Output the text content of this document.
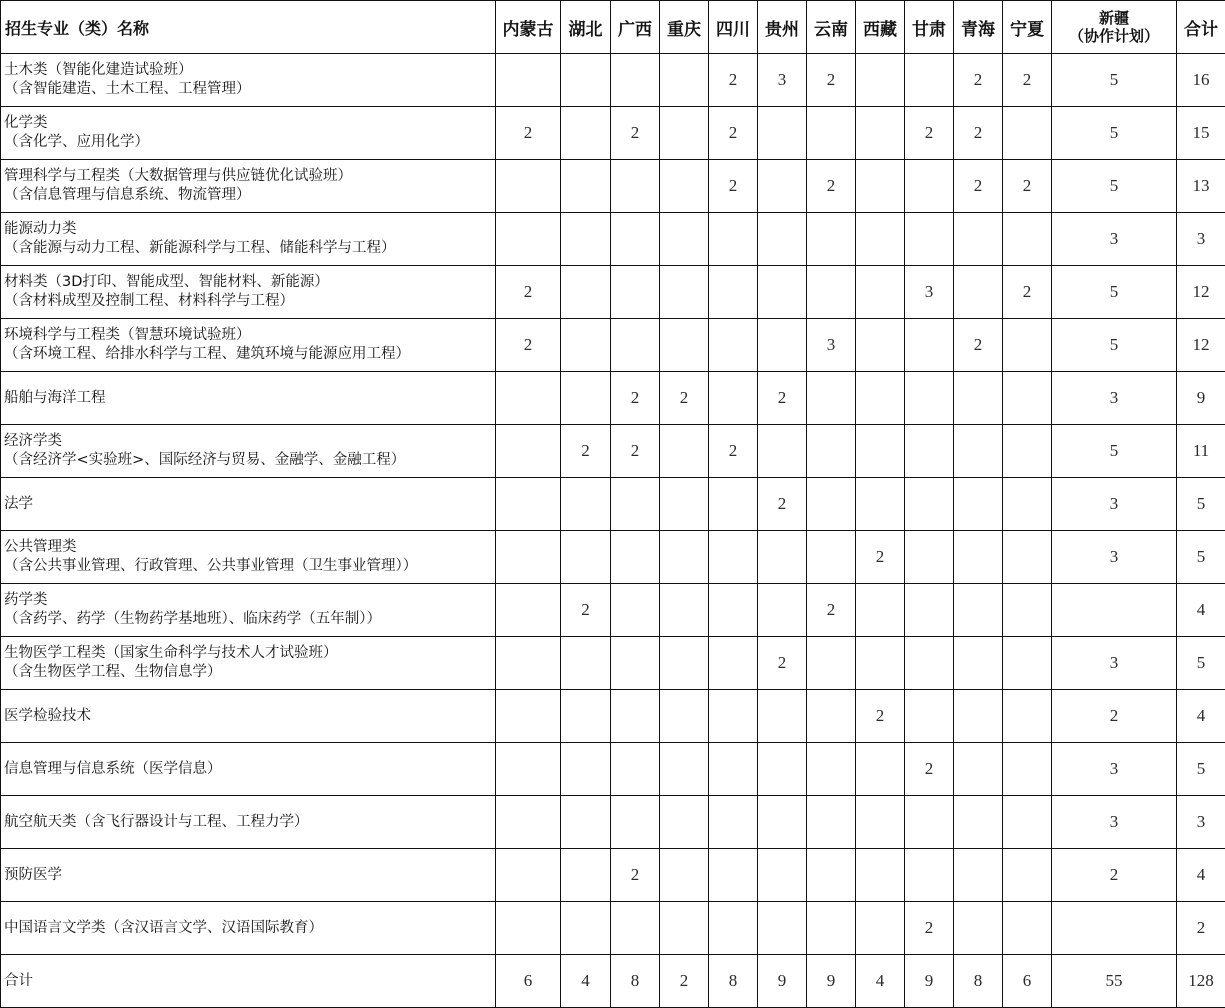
招生专业（类）名称	内蒙古	湖北	广西	重庆	四川	贵州	云南	西藏	甘肃	青海	宁夏	新疆
（协作计划）	合计

土木类（智能化建造试验班）
（含智能建造、土木工程、工程管理）					2	3	2			2	2	5	16

化学类
（含化学、应用化学）	2		2		2				2	2		5	15

管理科学与工程类（大数据管理与供应链优化试验班）
（含信息管理与信息系统、物流管理）					2		2			2	2	5	13

能源动力类
（含能源与动力工程、新能源科学与工程、储能科学与工程）												3	3

材料类（3D打印、智能成型、智能材料、新能源）
（含材料成型及控制工程、材料科学与工程）	2								3		2	5	12

环境科学与工程类（智慧环境试验班）
（含环境工程、给排水科学与工程、建筑环境与能源应用工程）	2						3			2		5	12

船舶与海洋工程			2	2		2						3	9

经济学类
（含经济学<实验班>、国际经济与贸易、金融学、金融工程）		2	2		2							5	11

法学						2						3	5

公共管理类
（含公共事业管理、行政管理、公共事业管理（卫生事业管理））								2				3	5

药学类
（含药学、药学（生物药学基地班）、临床药学（五年制））		2					2						4

生物医学工程类（国家生命科学与技术人才试验班）
（含生物医学工程、生物信息学）						2						3	5

医学检验技术								2				2	4

信息管理与信息系统（医学信息）									2			3	5

航空航天类（含飞行器设计与工程、工程力学）												3	3

预防医学			2									2	4

中国语言文学类（含汉语言文学、汉语国际教育）									2				2

合计	6	4	8	2	8	9	9	4	9	8	6	55	128
